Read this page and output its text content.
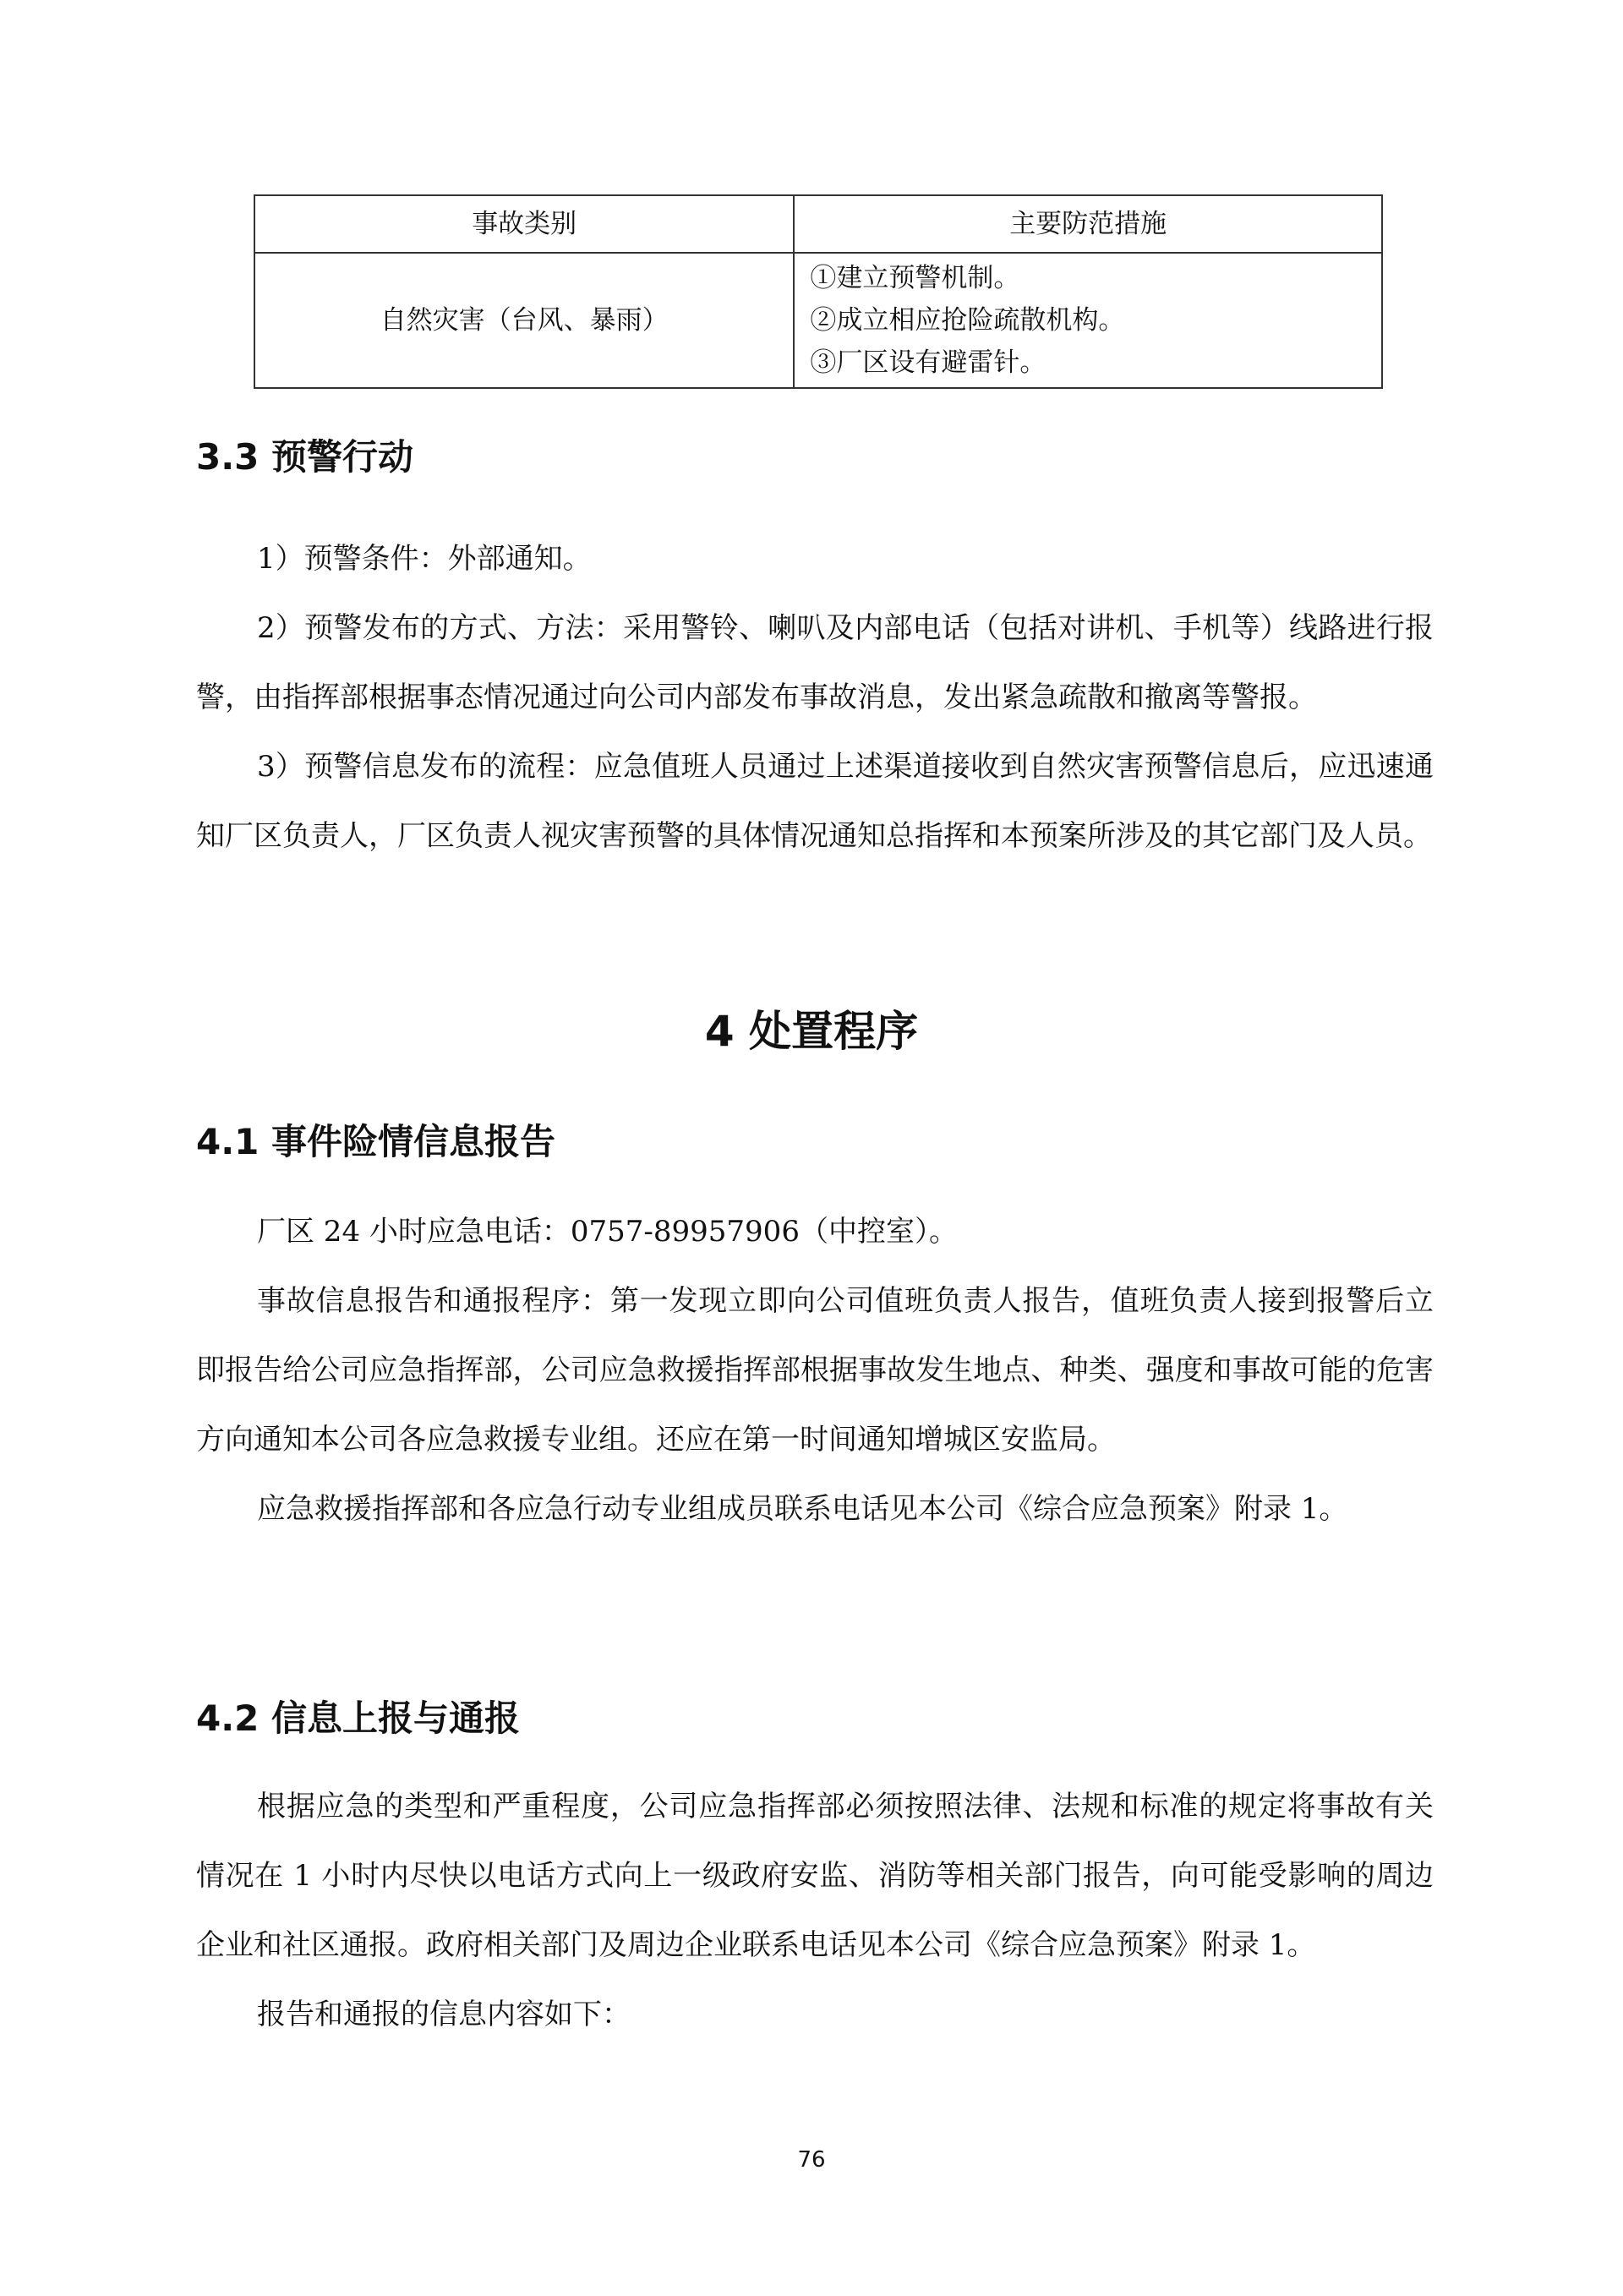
事故类别	主要防范措施
自然灾害（台风、暴雨）	①建立预警机制。
②成立相应抢险疏散机构。
③厂区设有避雷针。
3.3 预警行动

1）预警条件：外部通知。

2）预警发布的方式、方法：采用警铃、喇叭及内部电话（包括对讲机、手机等）线路进行报警，由指挥部根据事态情况通过向公司内部发布事故消息，发出紧急疏散和撤离等警报。

3）预警信息发布的流程：应急值班人员通过上述渠道接收到自然灾害预警信息后，应迅速通知厂区负责人，厂区负责人视灾害预警的具体情况通知总指挥和本预案所涉及的其它部门及人员。

4 处置程序
4.1 事件险情信息报告

厂区 24 小时应急电话：0757-89957906（中控室）。

事故信息报告和通报程序：第一发现立即向公司值班负责人报告，值班负责人接到报警后立即报告给公司应急指挥部，公司应急救援指挥部根据事故发生地点、种类、强度和事故可能的危害方向通知本公司各应急救援专业组。还应在第一时间通知增城区安监局。

应急救援指挥部和各应急行动专业组成员联系电话见本公司《综合应急预案》附录 1。

4.2 信息上报与通报

根据应急的类型和严重程度，公司应急指挥部必须按照法律、法规和标准的规定将事故有关情况在 1 小时内尽快以电话方式向上一级政府安监、消防等相关部门报告，向可能受影响的周边企业和社区通报。政府相关部门及周边企业联系电话见本公司《综合应急预案》附录 1。

报告和通报的信息内容如下：

76
